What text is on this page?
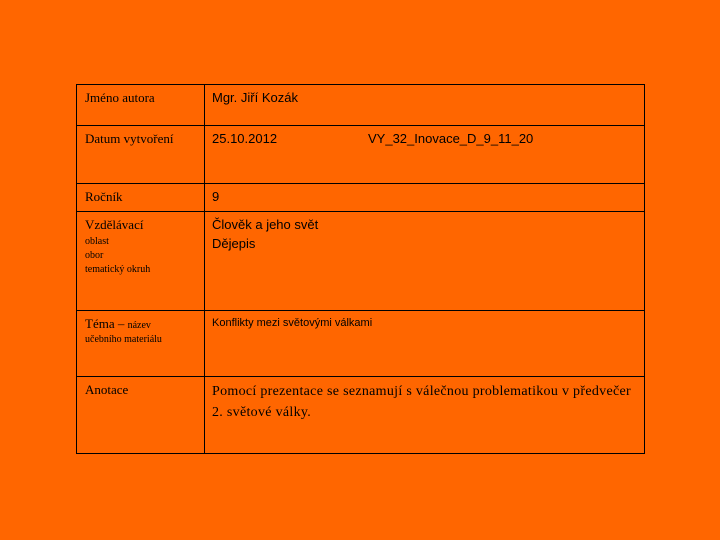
Jméno autora	Mgr. Jiří Kozák

Datum vytvoření	25.10.2012 VY_32_Inovace_D_9_11_20

Ročník	9

Vzdělávací
oblast
obor
tematický okruh	Člověk a jeho svět
Dějepis

Téma – název
učebního materiálu	Konflikty mezi světovými válkami

Anotace	Pomocí prezentace se seznamují s válečnou problematikou v předvečer 2. světové války.
